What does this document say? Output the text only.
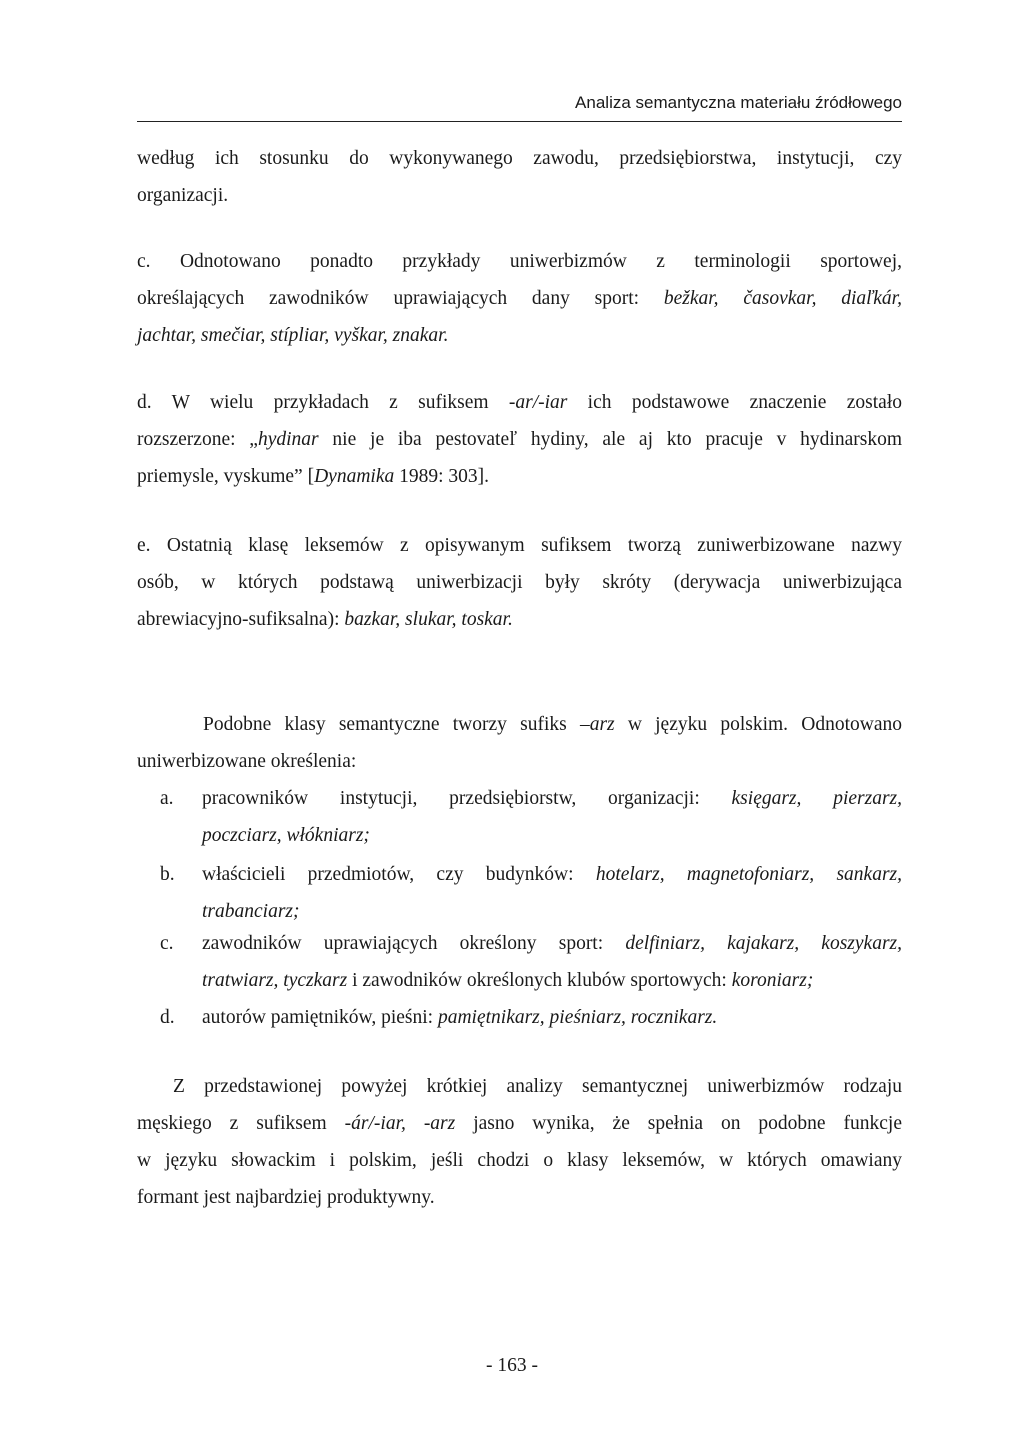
Analiza semantyczna materiału źródłowego
według ich stosunku do wykonywanego zawodu, przedsiębiorstwa, instytucji, czy
organizacji.
c. Odnotowano ponadto przykłady uniwerbizmów z terminologii sportowej,
określających zawodników uprawiających dany sport: bežkar, časovkar, diaľkár,
jachtar, smečiar, stípliar, vyškar, znakar.
d. W wielu przykładach z sufiksem -ar/-iar ich podstawowe znaczenie zostało
rozszerzone: „hydinar nie je iba pestovateľ hydiny, ale aj kto pracuje v hydinarskom
priemysle, vyskume” [Dynamika 1989: 303].
e. Ostatnią klasę leksemów z opisywanym sufiksem tworzą zuniwerbizowane nazwy
osób, w których podstawą uniwerbizacji były skróty (derywacja uniwerbizująca
abrewiacyjno-sufiksalna): bazkar, slukar, toskar.
Podobne klasy semantyczne tworzy sufiks –arz w języku polskim. Odnotowano
uniwerbizowane określenia:
a. pracowników instytucji, przedsiębiorstw, organizacji: księgarz, pierzarz,
poczciarz, włókniarz;
b. właścicieli przedmiotów, czy budynków: hotelarz, magnetofoniarz, sankarz,
trabanciarz;
c. zawodników uprawiających określony sport: delfiniarz, kajakarz, koszykarz,
tratwiarz, tyczkarz i zawodników określonych klubów sportowych: koroniarz;
d. autorów pamiętników, pieśni: pamiętnikarz, pieśniarz, rocznikarz.
Z przedstawionej powyżej krótkiej analizy semantycznej uniwerbizmów rodzaju
męskiego z sufiksem -ár/-iar, -arz jasno wynika, że spełnia on podobne funkcje
w języku słowackim i polskim, jeśli chodzi o klasy leksemów, w których omawiany
formant jest najbardziej produktywny.
- 163 -
